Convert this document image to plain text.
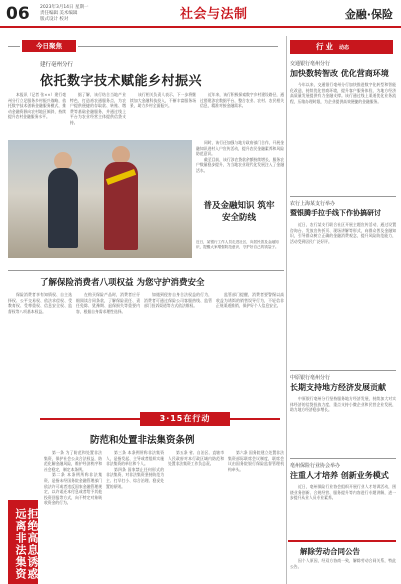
06 2023年3月14日 星期一
责任编辑 美术编辑
版式设计 校对	社会与法制	金融·保险
今日聚焦
建行亳州分行
依托数字技术赋能乡村振兴

本报讯（记者 张××）建行亳州分行立足服务乡村振兴战略，依托数字技术创新金融服务模式，推动金融资源向农村地区倾斜，持续提升农村金融服务水平。

据了解，该行结合当地产业特色，打造裕农通服务点，为农户提供便捷的存取款、转账、缴费等基础金融服务，并通过线上平台为农业经营主体提供信贷支持。

该行相关负责人表示，下一步将继续加大金融科技投入，不断丰富服务场景，助力乡村全面振兴。

近年来，该行积极探索数字乡村建设路径，通过搭建涉农数据平台，整合农业、农村、农民相关信息，精准对接金融需求。

同时，该行还加强与地方政府部门合作，开展金融知识进村入户宣传活动，提升农民金融素养和风险防范意识。

截至目前，该行涉农贷款余额持续增长，服务农户数量稳步提升，为当地农业现代化发展注入了金融活水。

普及金融知识 筑牢安全防线
近日，某银行工作人员走进社区，向居民普及金融知识，提醒大家增强防范意识，守护好自己的钱袋子。
了解保险消费者八项权益 为您守护消费安全

保险消费者享有知情权、自主选择权、公平交易权、依法求偿权、受教育权、受尊重权、信息安全权、监督权等八项基本权益。

在购买保险产品时，消费者应仔细阅读合同条款，了解保险责任、责任免除、犹豫期、退保损失等重要内容，根据自身需求理性选择。

如遇到侵害自身合法权益的行为，消费者可通过保险公司客服热线、监管部门投诉渠道等方式依法维权。

监管部门提醒，消费者要警惕以高收益为诱饵的销售误导行为，不轻信非正规渠道推销，保护好个人信息安全。

3·15在行动
防范和处置非法集资条例

第一条 为了防范和处置非法集资，保护社会公众合法权益，防范化解金融风险，维护经济秩序和社会稳定，制定本条例。

第二条 本条例所称非法集资，是指未经国务院金融管理部门依法许可或者违反国家金融管理规定，以许诺还本付息或者给予其他投资回报等方式，向不特定对象吸收资金的行为。

第三条 本条例所称非法集资人，是指发起、主导或者组织实施非法集资的单位和个人。

第四条 国家禁止任何形式的非法集资，对非法集资坚持防范为主、打早打小、综合治理、稳妥处置的原则。

第五条 省、自治区、直辖市人民政府对本行政区域内防范和处置非法集资工作负总责。

第六条 国务院建立处置非法集资部际联席会议制度，联席会议由国务院银行保险监督管理机构牵头。

拒绝高息诱惑 远离非法集资
行业 动态
交通银行亳州分行
加快数转智改 优化营商环境

今年以来，交通银行亳州分行加快推进数字化转型和智能化改造，持续优化营商环境，提升客户服务体验，为地方经济高质量发展提供有力金融支撑。该行通过线上渠道优化业务流程，压缩办理时限，为企业提供高效便捷的金融服务。

农行上海某支行举办
暨银腾手拉手线下作协搞研讨

近日，农行某支行联合社区开展主题宣传活动，通过设置咨询台、发放宣传折页、现场讲解等形式，向群众普及金融知识，引导群众树立正确的金融消费观念，提升风险防范能力，活动受到居民广泛好评。

中原银行亳州分行
长期支持地方经济发展贡献

中原银行亳州分行坚持服务地方经济发展，持续加大对实体经济的信贷投放力度，重点支持小微企业和民营企业发展，助力地方经济稳步增长。

亳州保险行业协会举办
注重人才培养 创新业务模式

近日，亳州保险行业协会组织开展行业人才培训活动，围绕业务创新、合规经营、服务提升等内容进行专题讲解，进一步提升从业人员专业素养。

解除劳动合同公告

因个人原因，经双方协商一致，解除劳动合同关系，特此公告。
